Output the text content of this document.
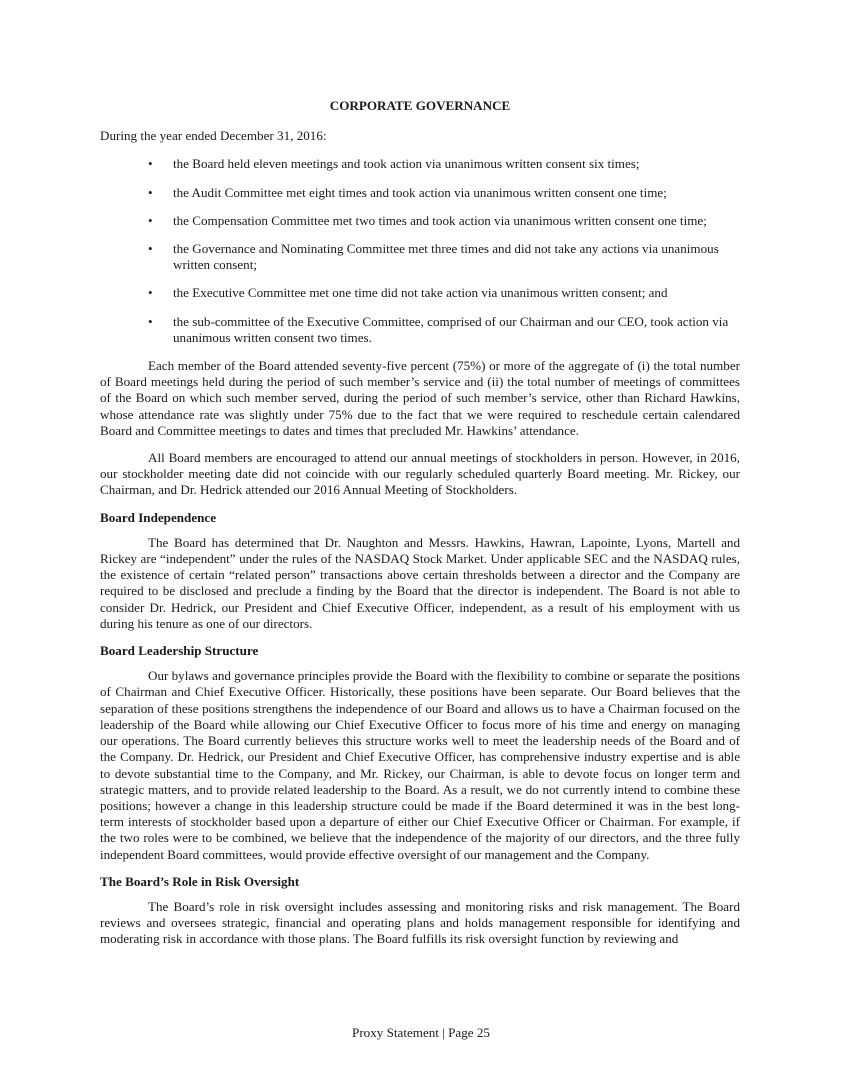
CORPORATE GOVERNANCE
During the year ended December 31, 2016:
• the Board held eleven meetings and took action via unanimous written consent six times;
• the Audit Committee met eight times and took action via unanimous written consent one time;
• the Compensation Committee met two times and took action via unanimous written consent one time;
• the Governance and Nominating Committee met three times and did not take any actions via unanimous written consent;
• the Executive Committee met one time did not take action via unanimous written consent; and
• the sub-committee of the Executive Committee, comprised of our Chairman and our CEO, took action via unanimous written consent two times.

Each member of the Board attended seventy-five percent (75%) or more of the aggregate of (i) the total number of Board meetings held during the period of such member’s service and (ii) the total number of meetings of committees of the Board on which such member served, during the period of such member’s service, other than Richard Hawkins, whose attendance rate was slightly under 75% due to the fact that we were required to reschedule certain calendared Board and Committee meetings to dates and times that precluded Mr. Hawkins’ attendance.

All Board members are encouraged to attend our annual meetings of stockholders in person. However, in 2016, our stockholder meeting date did not coincide with our regularly scheduled quarterly Board meeting. Mr. Rickey, our Chairman, and Dr. Hedrick attended our 2016 Annual Meeting of Stockholders.

Board Independence

The Board has determined that Dr. Naughton and Messrs. Hawkins, Hawran, Lapointe, Lyons, Martell and Rickey are “independent” under the rules of the NASDAQ Stock Market. Under applicable SEC and the NASDAQ rules, the existence of certain “related person” transactions above certain thresholds between a director and the Company are required to be disclosed and preclude a finding by the Board that the director is independent. The Board is not able to consider Dr. Hedrick, our President and Chief Executive Officer, independent, as a result of his employment with us during his tenure as one of our directors.

Board Leadership Structure

Our bylaws and governance principles provide the Board with the flexibility to combine or separate the positions of Chairman and Chief Executive Officer. Historically, these positions have been separate. Our Board believes that the separation of these positions strengthens the independence of our Board and allows us to have a Chairman focused on the leadership of the Board while allowing our Chief Executive Officer to focus more of his time and energy on managing our operations. The Board currently believes this structure works well to meet the leadership needs of the Board and of the Company. Dr. Hedrick, our President and Chief Executive Officer, has comprehensive industry expertise and is able to devote substantial time to the Company, and Mr. Rickey, our Chairman, is able to devote focus on longer term and strategic matters, and to provide related leadership to the Board. As a result, we do not currently intend to combine these positions; however a change in this leadership structure could be made if the Board determined it was in the best long-term interests of stockholder based upon a departure of either our Chief Executive Officer or Chairman. For example, if the two roles were to be combined, we believe that the independence of the majority of our directors, and the three fully independent Board committees, would provide effective oversight of our management and the Company.

The Board’s Role in Risk Oversight

The Board’s role in risk oversight includes assessing and monitoring risks and risk management. The Board reviews and oversees strategic, financial and operating plans and holds management responsible for identifying and moderating risk in accordance with those plans. The Board fulfills its risk oversight function by reviewing and

Proxy Statement | Page 25
